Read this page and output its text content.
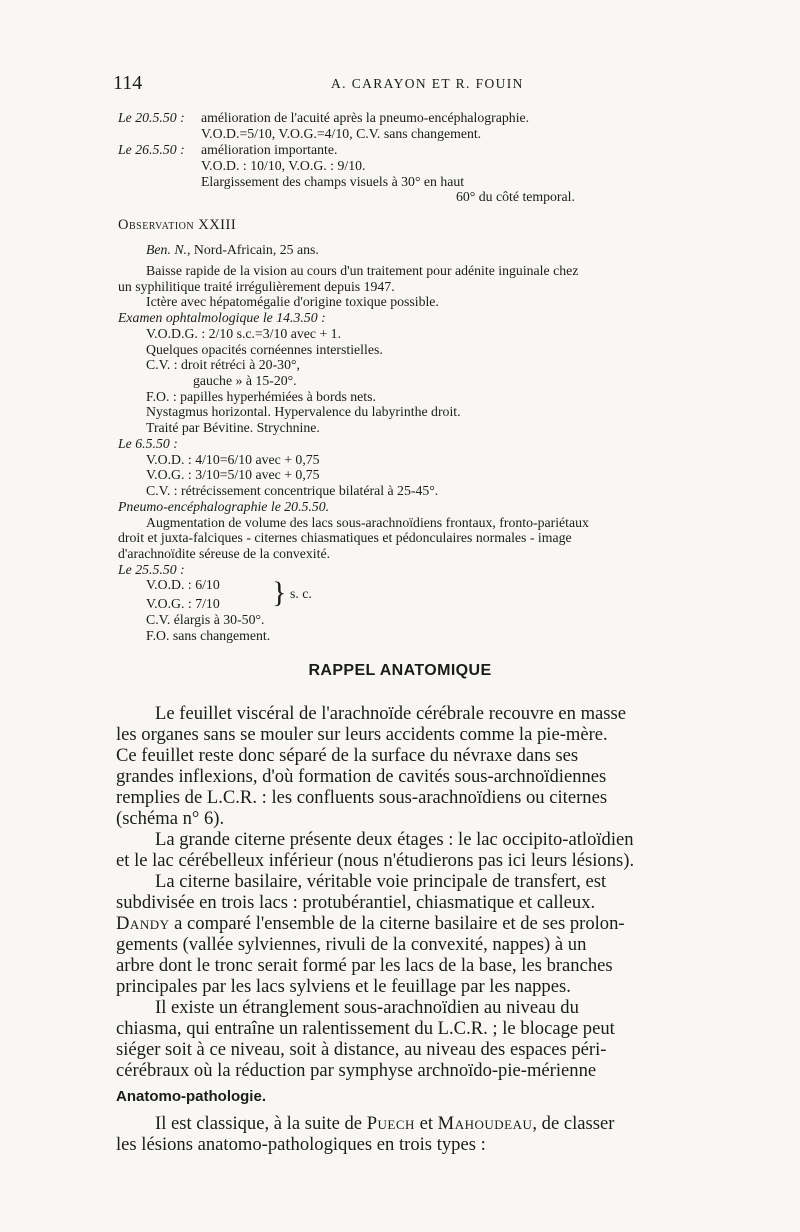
114	A. CARAYON ET R. FOUIN
Le 20.5.50 : amélioration de l'acuité après la pneumo-encéphalographie.
V.O.D.=5/10, V.O.G.=4/10, C.V. sans changement.
Le 26.5.50 : amélioration importante.
V.O.D. : 10/10, V.O.G. : 9/10.
Elargissement des champs visuels à 30° en haut
60° du côté temporal.
Observation XXIII
Ben. N., Nord-Africain, 25 ans.
Baisse rapide de la vision au cours d'un traitement pour adénite inguinale chez
un syphilitique traité irrégulièrement depuis 1947.
Ictère avec hépatomégalie d'origine toxique possible.
Examen ophtalmologique le 14.3.50 :
V.O.D.G. : 2/10 s.c.=3/10 avec + 1.
Quelques opacités cornéennes interstielles.
C.V. : droit rétréci à 20-30°,
gauche » à 15-20°.
F.O. : papilles hyperhémiées à bords nets.
Nystagmus horizontal. Hypervalence du labyrinthe droit.
Traité par Bévitine. Strychnine.
Le 6.5.50 :
V.O.D. : 4/10=6/10 avec + 0,75
V.O.G. : 3/10=5/10 avec + 0,75
C.V. : rétrécissement concentrique bilatéral à 25-45°.
Pneumo-encéphalographie le 20.5.50.
Augmentation de volume des lacs sous-arachnoïdiens frontaux, fronto-pariétaux
droit et juxta-falciques - citernes chiasmatiques et pédonculaires normales - image
d'arachnoïdite séreuse de la convexité.
Le 25.5.50 :
V.O.D. : 6/10
V.O.G. : 7/10 } s. c.
C.V. élargis à 30-50°.
F.O. sans changement.
RAPPEL ANATOMIQUE
Le feuillet viscéral de l'arachnoïde cérébrale recouvre en masse
les organes sans se mouler sur leurs accidents comme la pie-mère.
Ce feuillet reste donc séparé de la surface du névraxe dans ses
grandes inflexions, d'où formation de cavités sous-archnoïdiennes
remplies de L.C.R. : les confluents sous-arachnoïdiens ou citernes
(schéma n° 6).
La grande citerne présente deux étages : le lac occipito-atloïdien
et le lac cérébelleux inférieur (nous n'étudierons pas ici leurs lésions).
La citerne basilaire, véritable voie principale de transfert, est
subdivisée en trois lacs : protubérantiel, chiasmatique et calleux.
Dandy a comparé l'ensemble de la citerne basilaire et de ses prolon-
gements (vallée sylviennes, rivuli de la convexité, nappes) à un
arbre dont le tronc serait formé par les lacs de la base, les branches
principales par les lacs sylviens et le feuillage par les nappes.
Il existe un étranglement sous-arachnoïdien au niveau du
chiasma, qui entraîne un ralentissement du L.C.R. ; le blocage peut
siéger soit à ce niveau, soit à distance, au niveau des espaces péri-
cérébraux où la réduction par symphyse archnoïdo-pie-mérienne
Anatomo-pathologie.
Il est classique, à la suite de Puech et Mahoudeau, de classer
les lésions anatomo-pathologiques en trois types :
